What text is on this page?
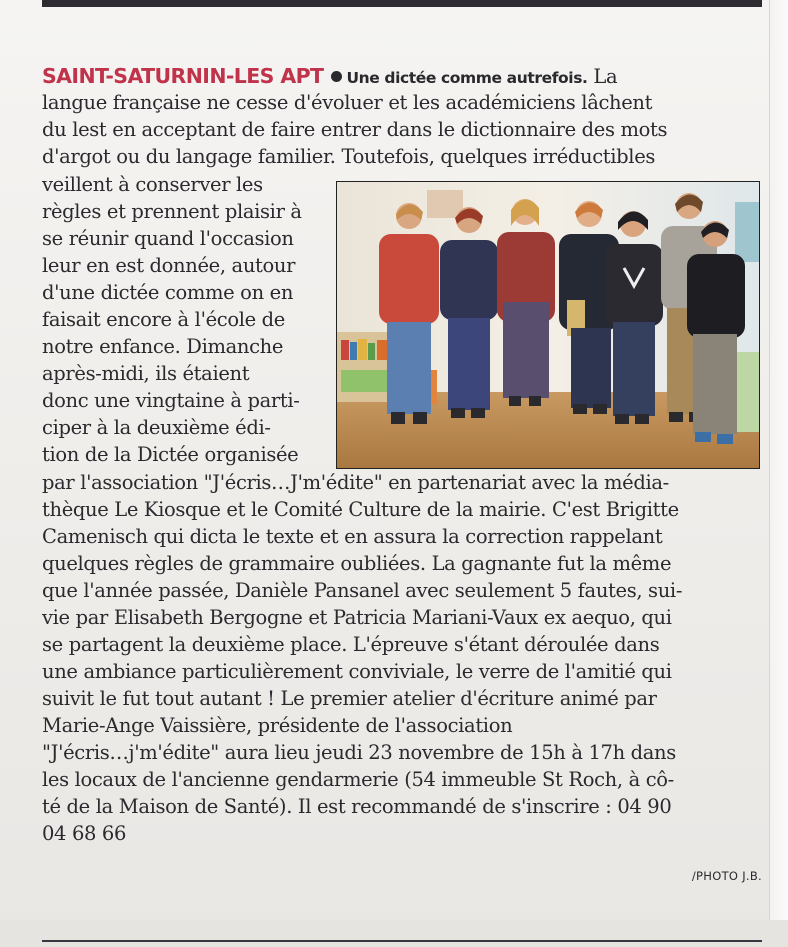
SAINT-SATURNIN-LES APT Une dictée comme autrefois. La
langue française ne cesse d'évoluer et les académiciens lâchent
du lest en acceptant de faire entrer dans le dictionnaire des mots
d'argot ou du langage familier. Toutefois, quelques irréductibles
veillent à conserver les
règles et prennent plaisir à
se réunir quand l'occasion
leur en est donnée, autour
d'une dictée comme on en
faisait encore à l'école de
notre enfance. Dimanche
après-midi, ils étaient
donc une vingtaine à parti-
ciper à la deuxième édi-
tion de la Dictée organisée
par l'association "J'écris…J'm'édite" en partenariat avec la média-
thèque Le Kiosque et le Comité Culture de la mairie. C'est Brigitte
Camenisch qui dicta le texte et en assura la correction rappelant
quelques règles de grammaire oubliées. La gagnante fut la même
que l'année passée, Danièle Pansanel avec seulement 5 fautes, sui-
vie par Elisabeth Bergogne et Patricia Mariani-Vaux ex aequo, qui
se partagent la deuxième place. L'épreuve s'étant déroulée dans
une ambiance particulièrement conviviale, le verre de l'amitié qui
suivit le fut tout autant ! Le premier atelier d'écriture animé par
Marie-Ange Vaissière, présidente de l'association
"J'écris…j'm'édite" aura lieu jeudi 23 novembre de 15h à 17h dans
les locaux de l'ancienne gendarmerie (54 immeuble St Roch, à cô-
té de la Maison de Santé). Il est recommandé de s'inscrire : 04 90
04 68 66
/PHOTO J.B.
